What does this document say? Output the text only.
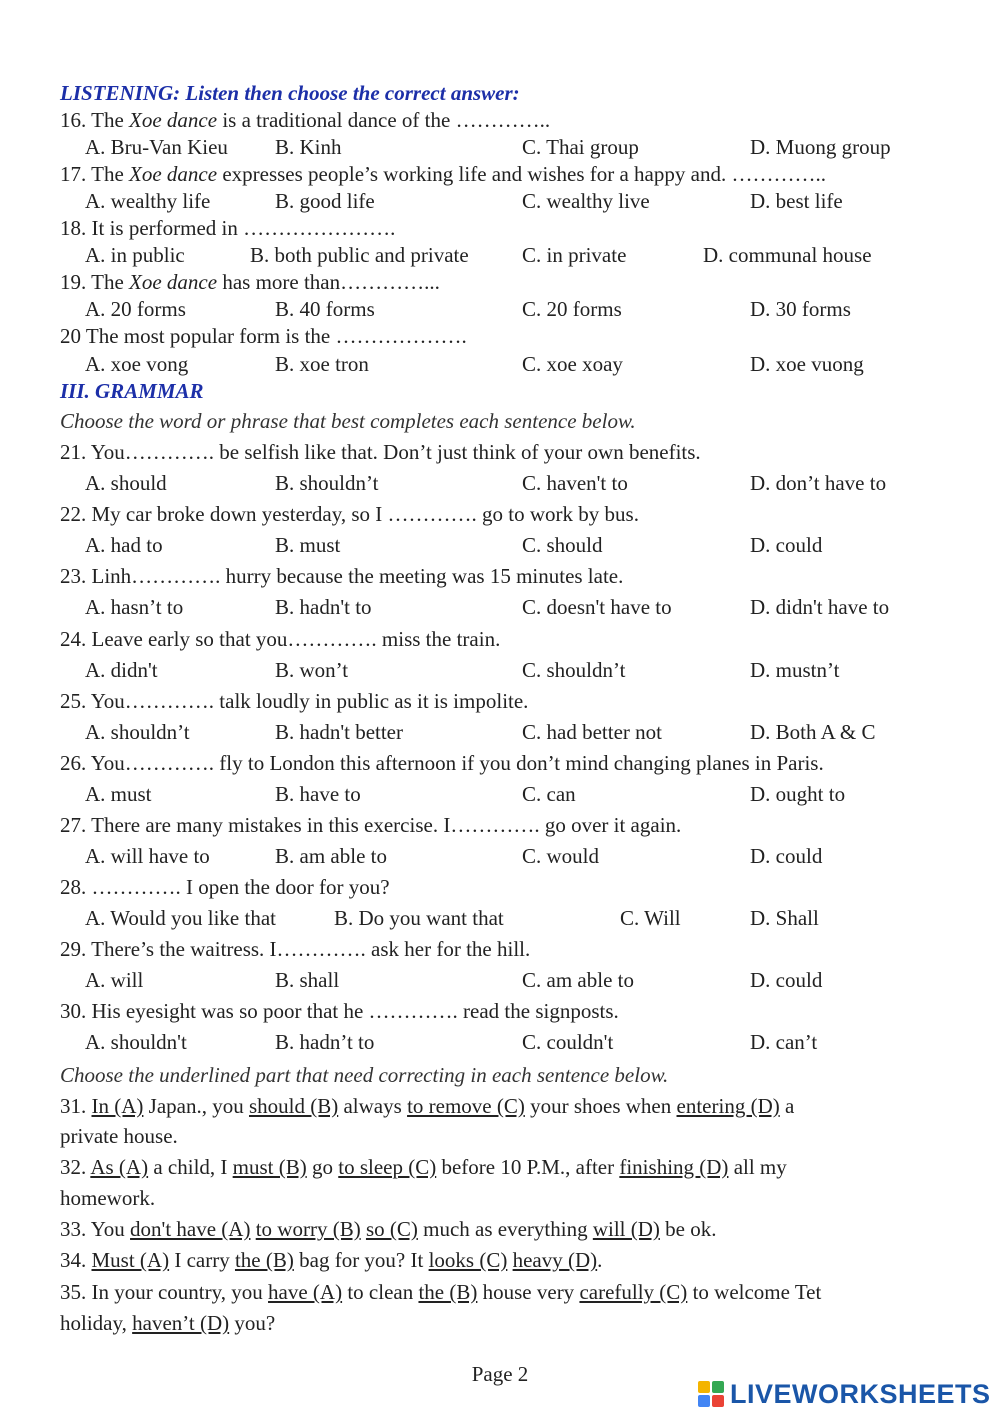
LISTENING: Listen then choose the correct answer:
16. The Xoe dance is a traditional dance of the …………..
A. Bru-Van Kieu B. Kinh	C. Thai group	D. Muong group
17. The Xoe dance expresses people’s working life and wishes for a happy and. …………..
A. wealthy life	B. good life	C. wealthy live	D. best life
18. It is performed in ………………….
A. in public	B. both public and private	C. in private	D. communal house
19. The Xoe dance has more than…………...
A. 20 forms	B. 40 forms	C. 20 forms	D. 30 forms
20 The most popular form is the ……………….
A. xoe vong	B. xoe tron	C. xoe xoay	D. xoe vuong
III. GRAMMAR
Choose the word or phrase that best completes each sentence below.
21. You…………. be selfish like that. Don’t just think of your own benefits.
A. should	B. shouldn’t	C. haven't to	D. don’t have to
22. My car broke down yesterday, so I …………. go to work by bus.
A. had to	B. must	C. should	D. could
23. Linh…………. hurry because the meeting was 15 minutes late.
A. hasn’t to	B. hadn't to	C. doesn't have to	D. didn't have to
24. Leave early so that you…………. miss the train.
A. didn't	B. won’t	C. shouldn’t	D. mustn’t
25. You…………. talk loudly in public as it is impolite.
A. shouldn’t	B. hadn't better	C. had better not	D. Both A & C
26. You…………. fly to London this afternoon if you don’t mind changing planes in Paris.
A. must	B. have to	C. can	D. ought to
27. There are many mistakes in this exercise. I…………. go over it again.
A. will have to	B. am able to	C. would	D. could
28. …………. I open the door for you?
A. Would you like that	B. Do you want that	C. Will	D. Shall
29. There’s the waitress. I…………. ask her for the hill.
A. will	B. shall	C. am able to	D. could
30. His eyesight was so poor that he …………. read the signposts.
A. shouldn't	B. hadn’t to	C. couldn't	D. can’t
Choose the underlined part that need correcting in each sentence below.
31. In (A) Japan., you should (B) always to remove (C) your shoes when entering (D) a
private house.
32. As (A) a child, I must (B) go to sleep (C) before 10 P.M., after finishing (D) all my
homework.
33. You don't have (A) to worry (B) so (C) much as everything will (D) be ok.
34. Must (A) I carry the (B) bag for you? It looks (C) heavy (D).
35. In your country, you have (A) to clean the (B) house very carefully (C) to welcome Tet
holiday, haven’t (D) you?
Page 2
LIVEWORKSHEETS
